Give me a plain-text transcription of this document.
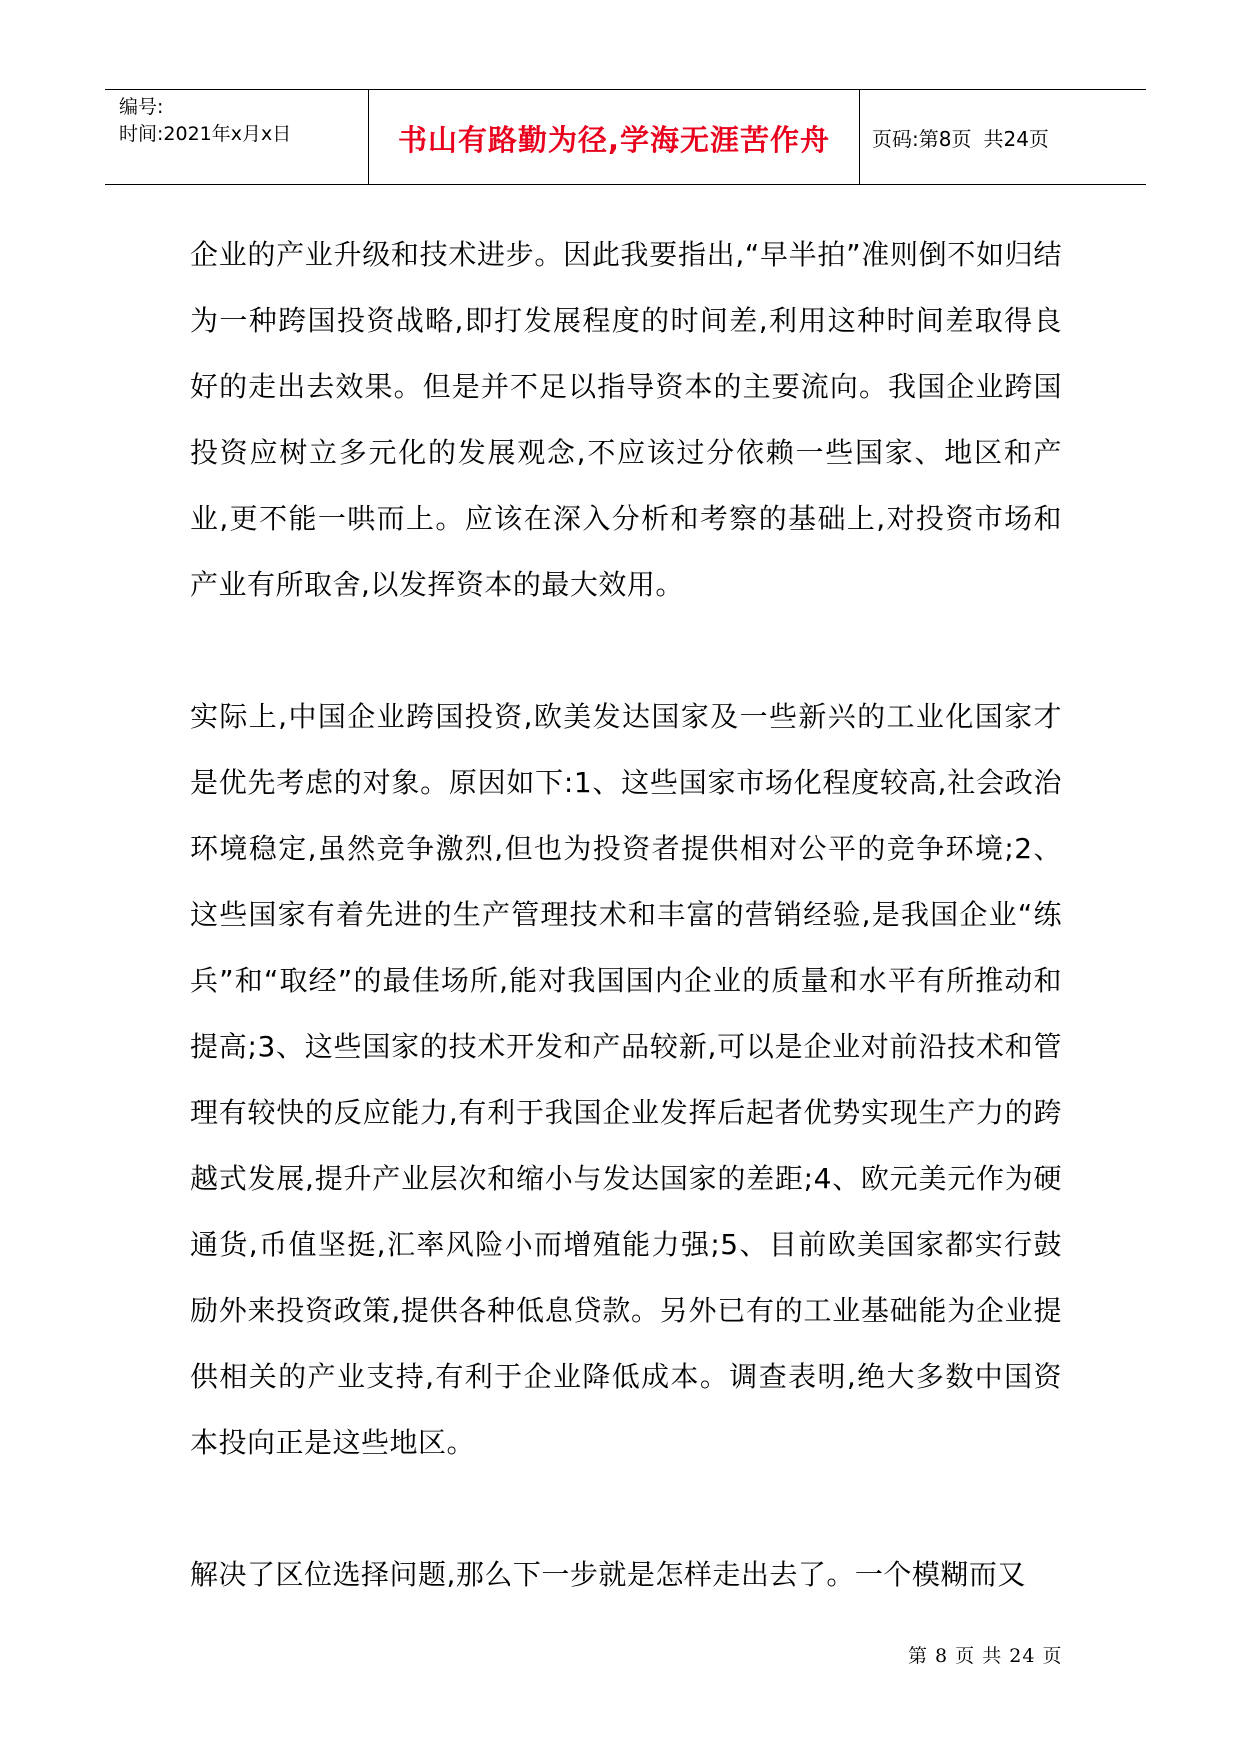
编号:
时间:2021年x月x日	书山有路勤为径,学海无涯苦作舟 页码:第8页 共24页

企业的产业升级和技术进步。因此我要指出,“早半拍”准则倒不如归结为一种跨国投资战略,即打发展程度的时间差,利用这种时间差取得良好的走出去效果。但是并不足以指导资本的主要流向。我国企业跨国投资应树立多元化的发展观念,不应该过分依赖一些国家、地区和产业,更不能一哄而上。应该在深入分析和考察的基础上,对投资市场和产业有所取舍,以发挥资本的最大效用。

实际上,中国企业跨国投资,欧美发达国家及一些新兴的工业化国家才是优先考虑的对象。原因如下:1、这些国家市场化程度较高,社会政治环境稳定,虽然竞争激烈,但也为投资者提供相对公平的竞争环境;2、这些国家有着先进的生产管理技术和丰富的营销经验,是我国企业“练兵”和“取经”的最佳场所,能对我国国内企业的质量和水平有所推动和提高;3、这些国家的技术开发和产品较新,可以是企业对前沿技术和管理有较快的反应能力,有利于我国企业发挥后起者优势实现生产力的跨越式发展,提升产业层次和缩小与发达国家的差距;4、欧元美元作为硬通货,币值坚挺,汇率风险小而增殖能力强;5、目前欧美国家都实行鼓励外来投资政策,提供各种低息贷款。另外已有的工业基础能为企业提供相关的产业支持,有利于企业降低成本。调查表明,绝大多数中国资本投向正是这些地区。

解决了区位选择问题,那么下一步就是怎样走出去了。一个模糊而又

第 8 页 共 24 页
